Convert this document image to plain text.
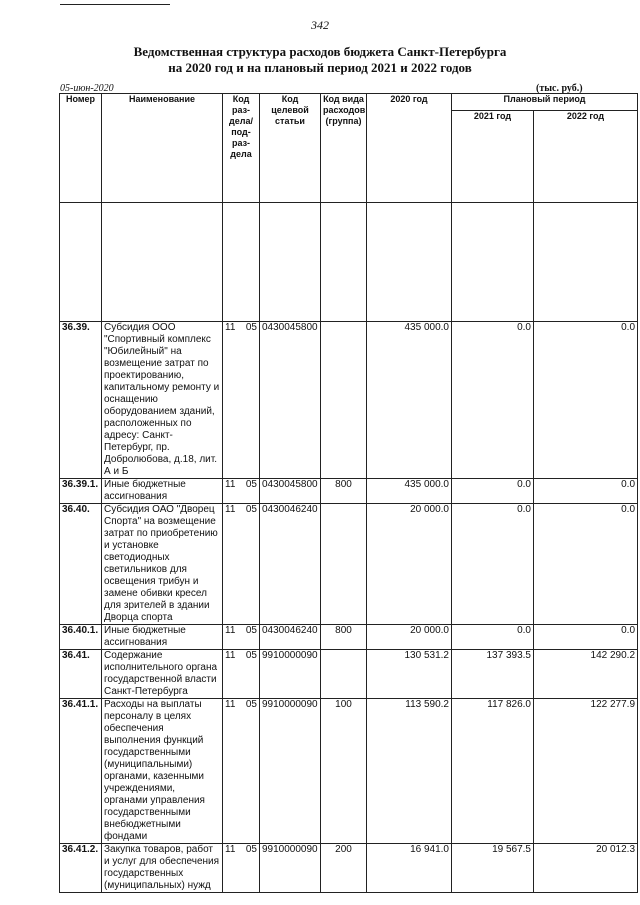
342
Ведомственная структура расходов бюджета Санкт-Петербурга
на 2020 год и на плановый период 2021 и 2022 годов
05-июн-2020	(тыс. руб.)
Номер	Наименование	Код раз-дела/ под-раз-дела	Код целевой статьи	Код вида расходов (группа)	2020 год	Плановый период	
						2021 год	2022 год

36.39.	Субсидия ООО "Спортивный комплекс "Юбилейный" на возмещение затрат по проектированию, капитальному ремонту и оснащению оборудованием зданий, расположенных по адресу: Санкт-Петербург, пр. Добролюбова, д.18, лит. А и Б	11 05	0430045800		435 000.0	0.0	0.0
36.39.1.	Иные бюджетные ассигнования	11 05	0430045800	800	435 000.0	0.0	0.0
36.40.	Субсидия ОАО "Дворец Спорта" на возмещение затрат по приобретению и установке светодиодных светильников для освещения трибун и замене обивки кресел для зрителей в здании Дворца спорта	11 05	0430046240		20 000.0	0.0	0.0
36.40.1.	Иные бюджетные ассигнования	11 05	0430046240	800	20 000.0	0.0	0.0
36.41.	Содержание исполнительного органа государственной власти Санкт-Петербурга	11 05	9910000090		130 531.2	137 393.5	142 290.2
36.41.1.	Расходы на выплаты персоналу в целях обеспечения выполнения функций государственными (муниципальными) органами, казенными учреждениями, органами управления государственными внебюджетными фондами	11 05	9910000090	100	113 590.2	117 826.0	122 277.9
36.41.2.	Закупка товаров, работ и услуг для обеспечения государственных (муниципальных) нужд	11 05	9910000090	200	16 941.0	19 567.5	20 012.3
